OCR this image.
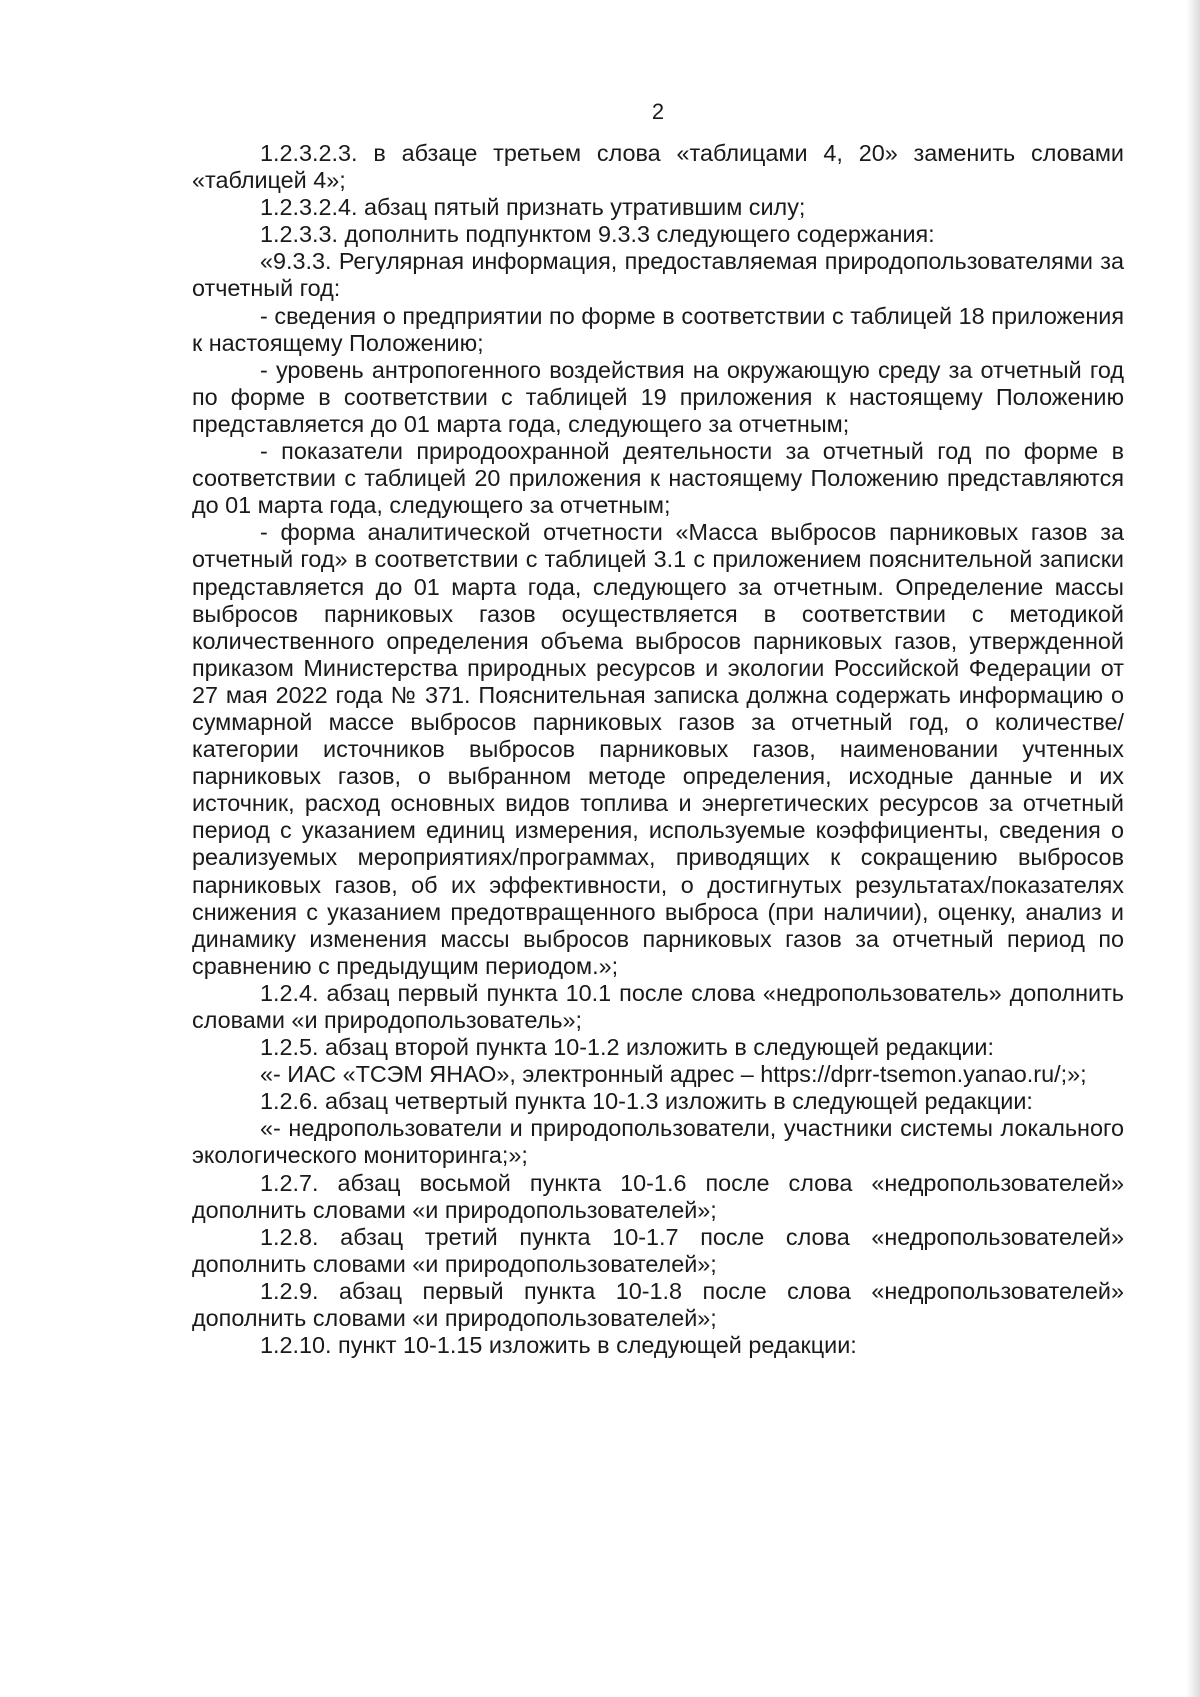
2

1.2.3.2.3. в абзаце третьем слова «таблицами 4, 20» заменить словами «таблицей 4»;

1.2.3.2.4. абзац пятый признать утратившим силу;

1.2.3.3. дополнить подпунктом 9.3.3 следующего содержания:

«9.3.3. Регулярная информация, предоставляемая природопользователями за отчетный год:

- сведения о предприятии по форме в соответствии с таблицей 18 приложения к настоящему Положению;

- уровень антропогенного воздействия на окружающую среду за отчетный год по форме в соответствии с таблицей 19 приложения к настоящему Положению представляется до 01 марта года, следующего за отчетным;

- показатели природоохранной деятельности за отчетный год по форме в соответствии с таблицей 20 приложения к настоящему Положению представляются до 01 марта года, следующего за отчетным;

- форма аналитической отчетности «Масса выбросов парниковых газов за отчетный год» в соответствии с таблицей 3.1 с приложением пояснительной записки представляется до 01 марта года, следующего за отчетным. Определение массы выбросов парниковых газов осуществляется в соответствии с методикой количественного определения объема выбросов парниковых газов, утвержденной приказом Министерства природных ресурсов и экологии Российской Федерации от 27 мая 2022 года № 371. Пояснительная записка должна содержать информацию о суммарной массе выбросов парниковых газов за отчетный год, о количестве/категории источников выбросов парниковых газов, наименовании учтенных парниковых газов, о выбранном методе определения, исходные данные и их источник, расход основных видов топлива и энергетических ресурсов за отчетный период с указанием единиц измерения, используемые коэффициенты, сведения о реализуемых мероприятиях/программах, приводящих к сокращению выбросов парниковых газов, об их эффективности, о достигнутых результатах/показателях снижения с указанием предотвращенного выброса (при наличии), оценку, анализ и динамику изменения массы выбросов парниковых газов за отчетный период по сравнению с предыдущим периодом.»;

1.2.4. абзац первый пункта 10.1 после слова «недропользователь» дополнить словами «и природопользователь»;

1.2.5. абзац второй пункта 10-1.2 изложить в следующей редакции:

«- ИАС «ТСЭМ ЯНАО», электронный адрес – https://dprr-tsemon.yanao.ru/;»;

1.2.6. абзац четвертый пункта 10-1.3 изложить в следующей редакции:

«- недропользователи и природопользователи, участники системы локального экологического мониторинга;»;

1.2.7. абзац восьмой пункта 10-1.6 после слова «недропользователей» дополнить словами «и природопользователей»;

1.2.8. абзац третий пункта 10-1.7 после слова «недропользователей» дополнить словами «и природопользователей»;

1.2.9. абзац первый пункта 10-1.8 после слова «недропользователей» дополнить словами «и природопользователей»;

1.2.10. пункт 10-1.15 изложить в следующей редакции:
